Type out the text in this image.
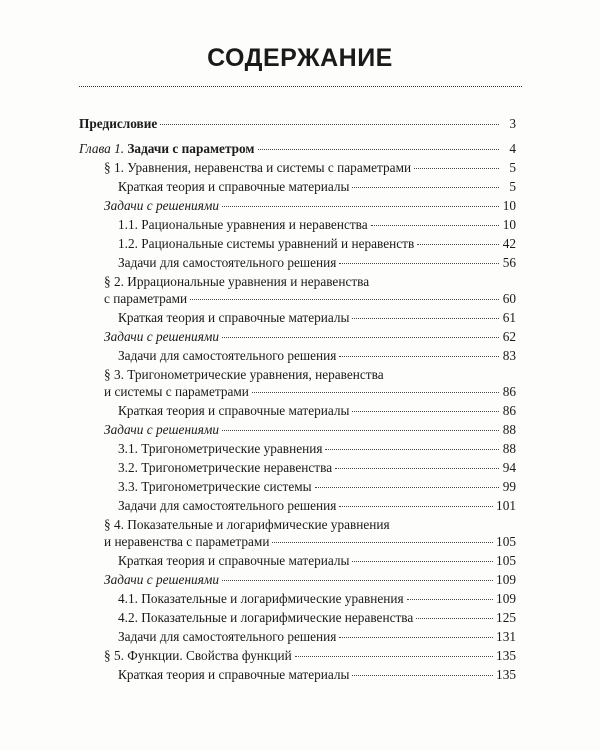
СОДЕРЖАНИЕ
Предисловие	3
Глава 1. Задачи с параметром	4
§ 1. Уравнения, неравенства и системы с параметрами	5
Краткая теория и справочные материалы	5
Задачи с решениями	10
1.1. Рациональные уравнения и неравенства	10
1.2. Рациональные системы уравнений и неравенств	42
Задачи для самостоятельного решения	56
§ 2. Иррациональные уравнения и неравенства
с параметрами	60
Краткая теория и справочные материалы	61
Задачи с решениями	62
Задачи для самостоятельного решения	83
§ 3. Тригонометрические уравнения, неравенства
и системы с параметрами	86
Краткая теория и справочные материалы	86
Задачи с решениями	88
3.1. Тригонометрические уравнения	88
3.2. Тригонометрические неравенства	94
3.3. Тригонометрические системы	99
Задачи для самостоятельного решения	101
§ 4. Показательные и логарифмические уравнения
и неравенства с параметрами	105
Краткая теория и справочные материалы	105
Задачи с решениями	109
4.1. Показательные и логарифмические уравнения	109
4.2. Показательные и логарифмические неравенства	125
Задачи для самостоятельного решения	131
§ 5. Функции. Свойства функций	135
Краткая теория и справочные материалы	135
